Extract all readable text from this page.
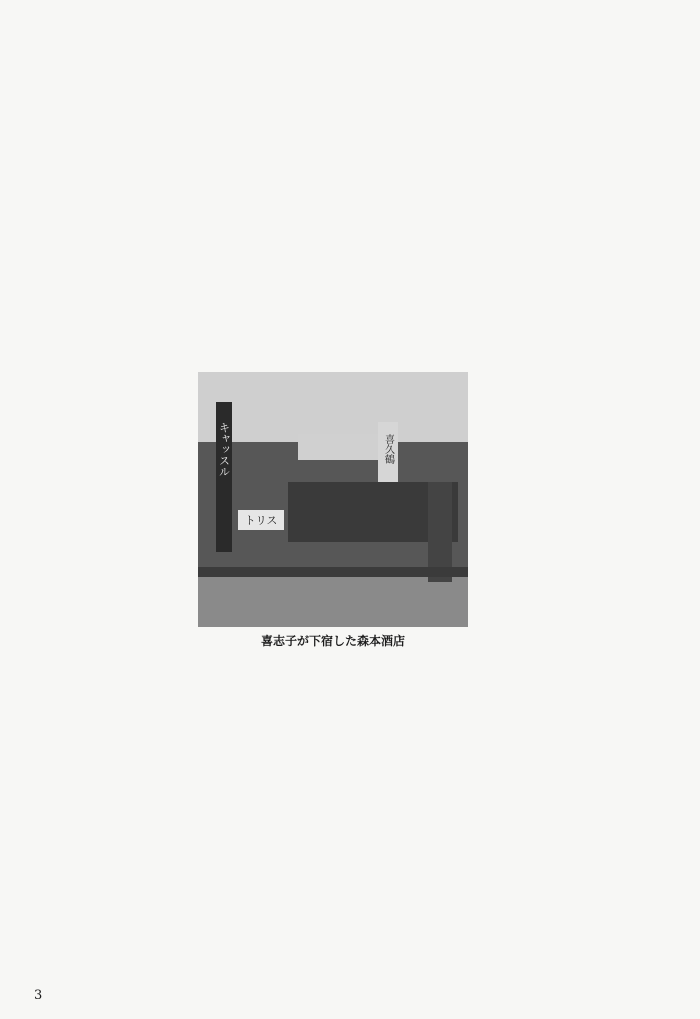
キャッスル
トリス
喜久鶴
喜志子が下宿した森本酒店
3
